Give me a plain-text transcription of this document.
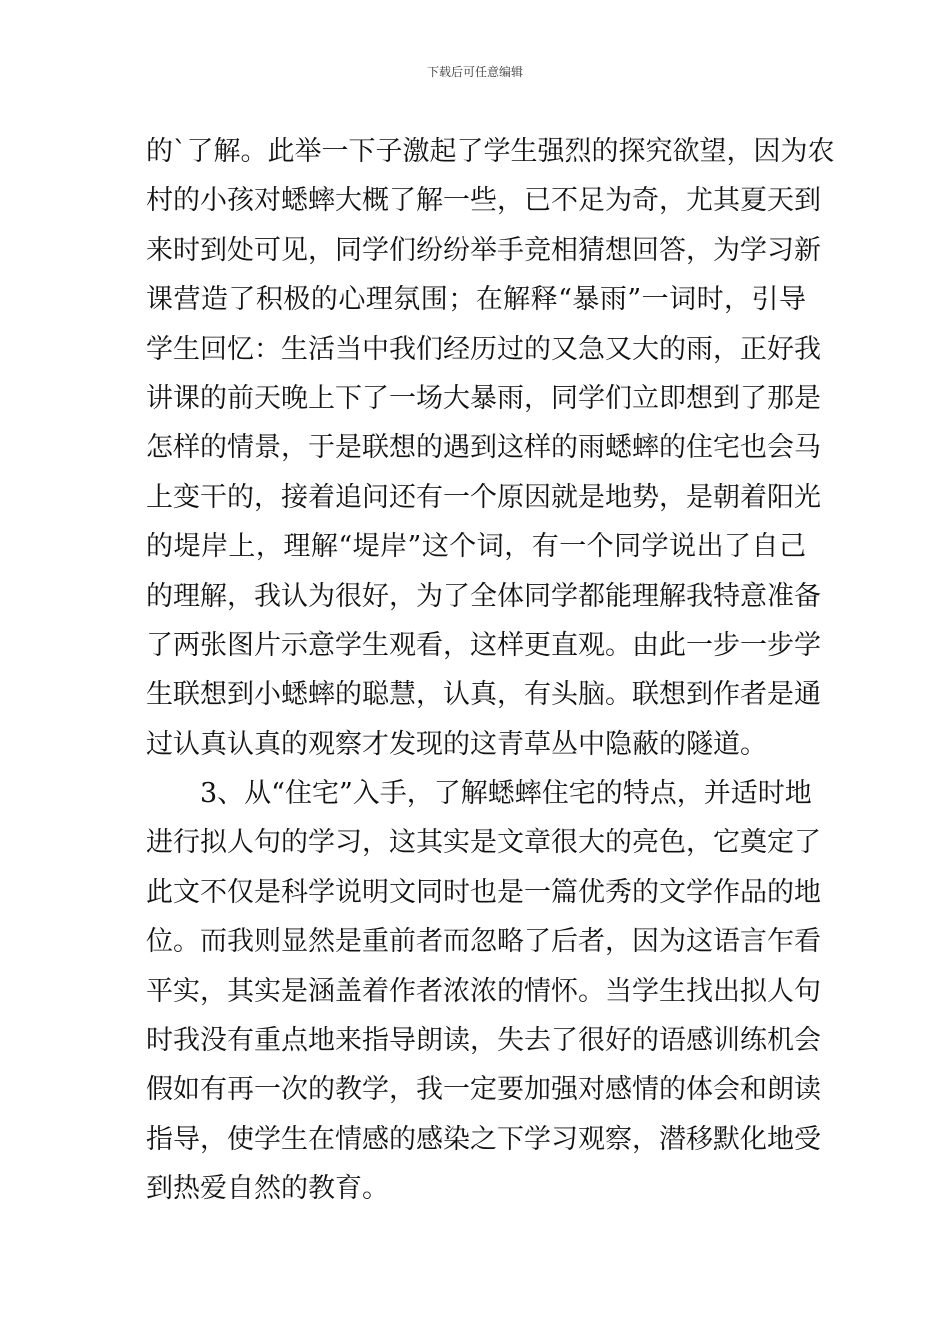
下载后可任意编辑
的`了解。此举一下子激起了学生强烈的探究欲望，因为农
村的小孩对蟋蟀大概了解一些，已不足为奇，尤其夏天到
来时到处可见，同学们纷纷举手竞相猜想回答，为学习新
课营造了积极的心理氛围；在解释“暴雨”一词时，引导
学生回忆：生活当中我们经历过的又急又大的雨，正好我
讲课的前天晚上下了一场大暴雨，同学们立即想到了那是
怎样的情景，于是联想的遇到这样的雨蟋蟀的住宅也会马
上变干的，接着追问还有一个原因就是地势，是朝着阳光
的堤岸上，理解“堤岸”这个词，有一个同学说出了自己
的理解，我认为很好，为了全体同学都能理解我特意准备
了两张图片示意学生观看，这样更直观。由此一步一步学
生联想到小蟋蟀的聪慧，认真，有头脑。联想到作者是通
过认真认真的观察才发现的这青草丛中隐蔽的隧道。
3、从“住宅”入手，了解蟋蟀住宅的特点，并适时地
进行拟人句的学习，这其实是文章很大的亮色，它奠定了
此文不仅是科学说明文同时也是一篇优秀的文学作品的地
位。而我则显然是重前者而忽略了后者，因为这语言乍看
平实，其实是涵盖着作者浓浓的情怀。当学生找出拟人句
时我没有重点地来指导朗读，失去了很好的语感训练机会
假如有再一次的教学，我一定要加强对感情的体会和朗读
指导，使学生在情感的感染之下学习观察，潜移默化地受
到热爱自然的教育。
